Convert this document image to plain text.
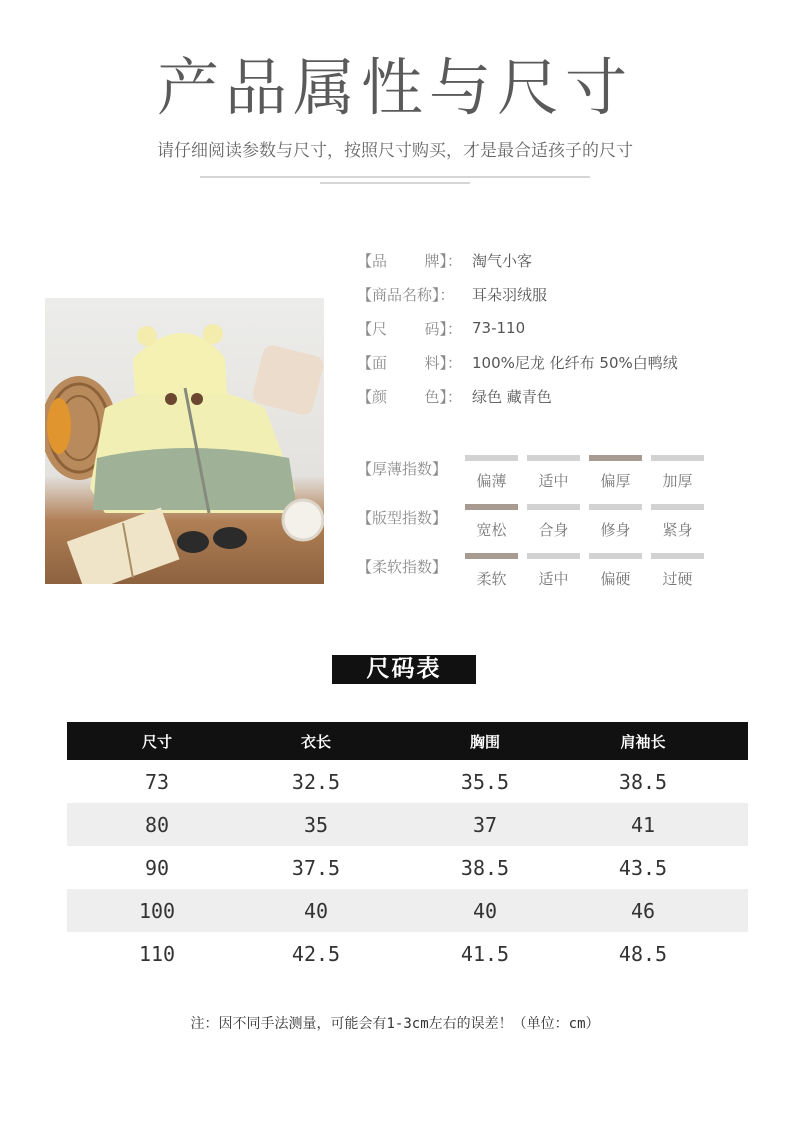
产品属性与尺寸
请仔细阅读参数与尺寸，按照尺寸购买，才是最合适孩子的尺寸
【品 牌】： 淘气小客
【商品名称】： 耳朵羽绒服
【尺 码】： 73-110
【面 料】： 100%尼龙 化纤布 50%白鸭绒
【颜 色】： 绿色 藏青色
【厚薄指数】
偏薄	适中	偏厚	加厚
【版型指数】
宽松	合身	修身	紧身
【柔软指数】
柔软	适中	偏硬	过硬
尺码表
尺寸	衣长	胸围	肩袖长
73	32.5	35.5	38.5
80	35	37	41
90	37.5	38.5	43.5
100	40	40	46
110	42.5	41.5	48.5
注：因不同手法测量，可能会有1-3cm左右的误差！（单位：cm）
